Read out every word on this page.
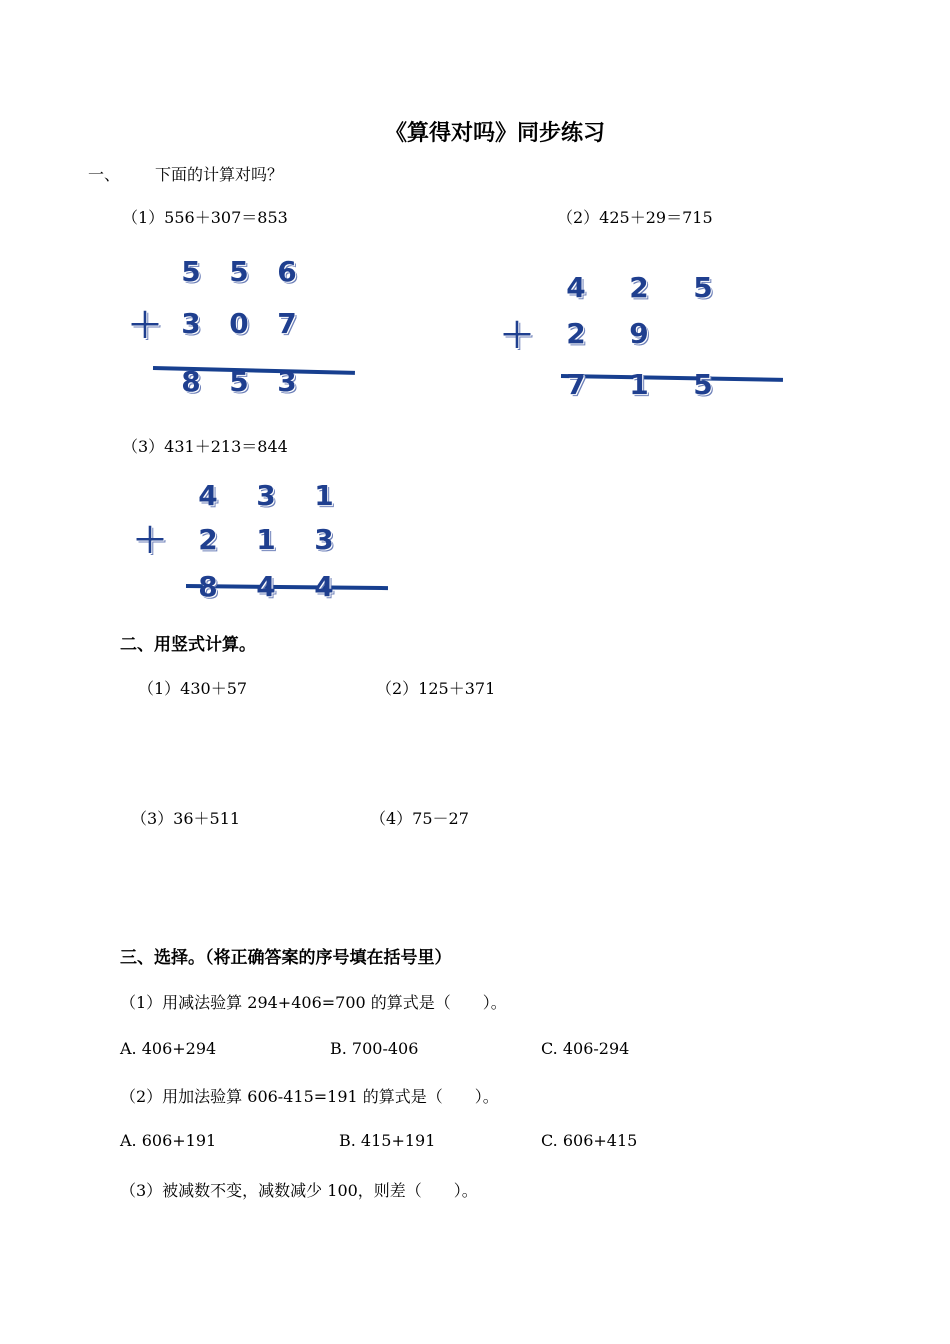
《算得对吗》同步练习
一、 下面的计算对吗？
（1）556＋307＝853
5 5 6
＋ 3 0 7
8 5 3
（2）425＋29＝715
4 2 5
＋ 2 9
7 1 5
（3）431＋213＝844
4 3 1
＋ 2 1 3
8 4 4
二、用竖式计算。
（1）430＋57	（2）125＋371
（3）36＋511	（4）75－27
三、选择。（将正确答案的序号填在括号里）
（1）用减法验算 294+406=700 的算式是（　　）。
A. 406+294	B. 700-406	C. 406-294
（2）用加法验算 606-415=191 的算式是（　　）。
A. 606+191	B. 415+191	C. 606+415
（3）被减数不变，减数减少 100，则差（　　）。
